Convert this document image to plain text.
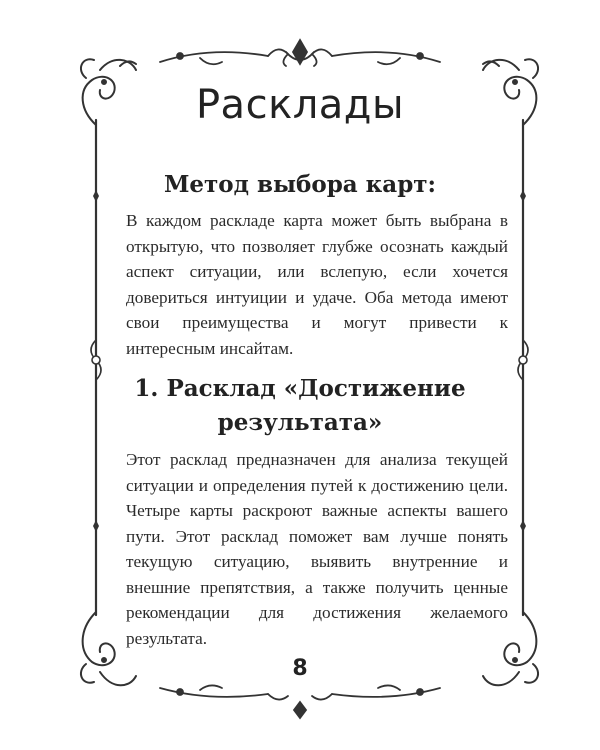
Расклады
Метод выбора карт:

В каждом раскладе карта может быть выбрана в открытую, что позволяет глубже осознать каждый аспект ситуации, или вслепую, если хочется довериться интуиции и удаче. Оба метода имеют свои преимущества и могут привести к интересным инсайтам.

1. Расклад «Достижение результата»

Этот расклад предназначен для анализа текущей ситуации и определения путей к достижению цели. Четыре карты раскроют важные аспекты вашего пути. Этот расклад поможет вам лучше понять текущую ситуацию, выявить внутренние и внешние препятствия, а также получить ценные рекомендации для достижения желаемого результата.

8
